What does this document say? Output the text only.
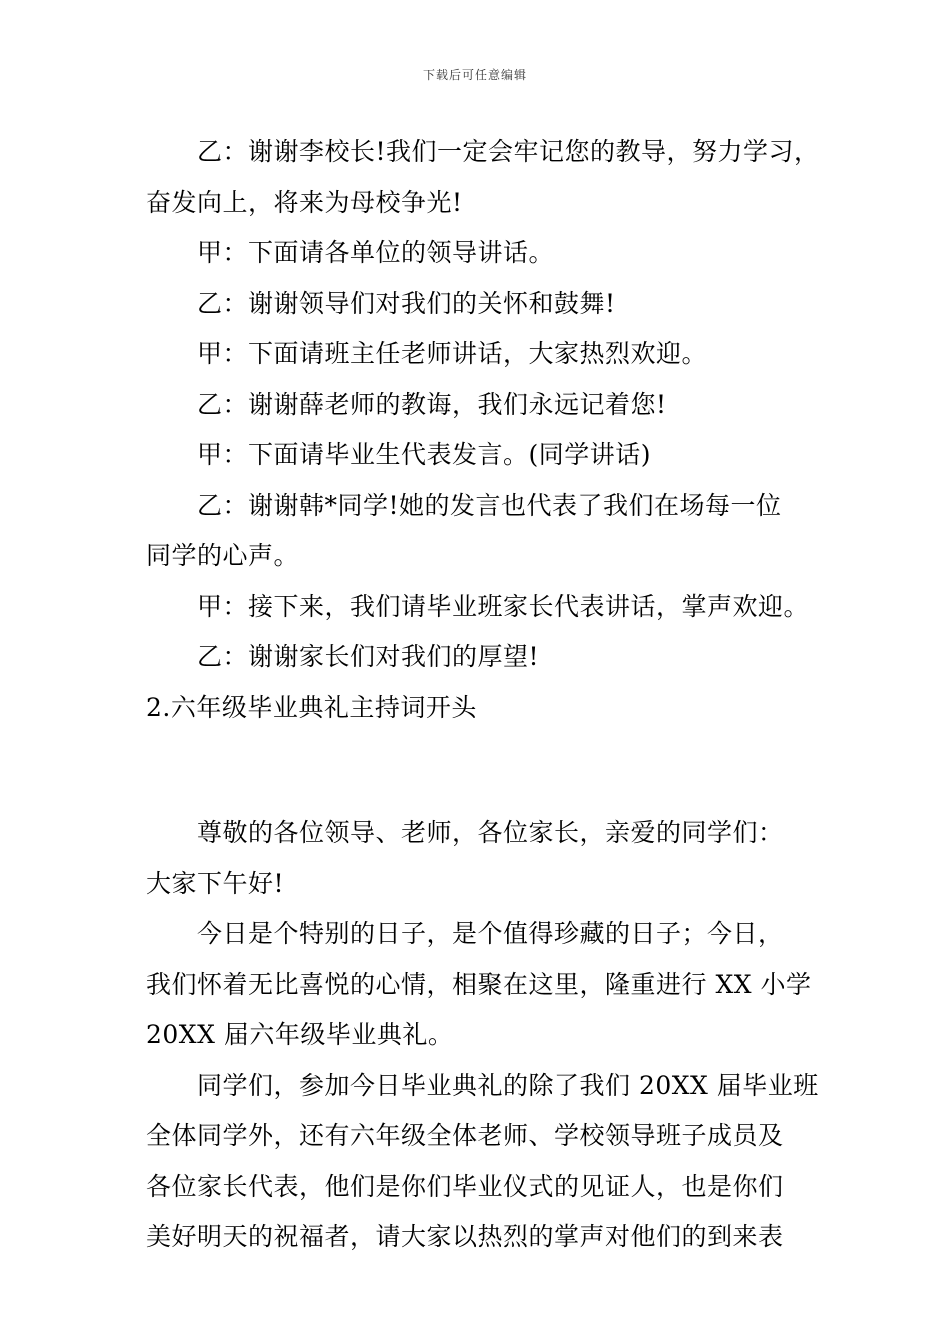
下载后可任意编辑
乙：谢谢李校长!我们一定会牢记您的教导，努力学习，
奋发向上，将来为母校争光!
甲：下面请各单位的领导讲话。
乙：谢谢领导们对我们的关怀和鼓舞!
甲：下面请班主任老师讲话，大家热烈欢迎。
乙：谢谢薛老师的教诲，我们永远记着您!
甲：下面请毕业生代表发言。(同学讲话)
乙：谢谢韩*同学!她的发言也代表了我们在场每一位
同学的心声。
甲：接下来，我们请毕业班家长代表讲话，掌声欢迎。
乙：谢谢家长们对我们的厚望!
2.六年级毕业典礼主持词开头
尊敬的各位领导、老师，各位家长，亲爱的同学们：
大家下午好!
今日是个特别的日子，是个值得珍藏的日子；今日，
我们怀着无比喜悦的心情，相聚在这里，隆重进行 XX 小学
20XX 届六年级毕业典礼。
同学们，参加今日毕业典礼的除了我们 20XX 届毕业班
全体同学外，还有六年级全体老师、学校领导班子成员及
各位家长代表，他们是你们毕业仪式的见证人，也是你们
美好明天的祝福者，请大家以热烈的掌声对他们的到来表
